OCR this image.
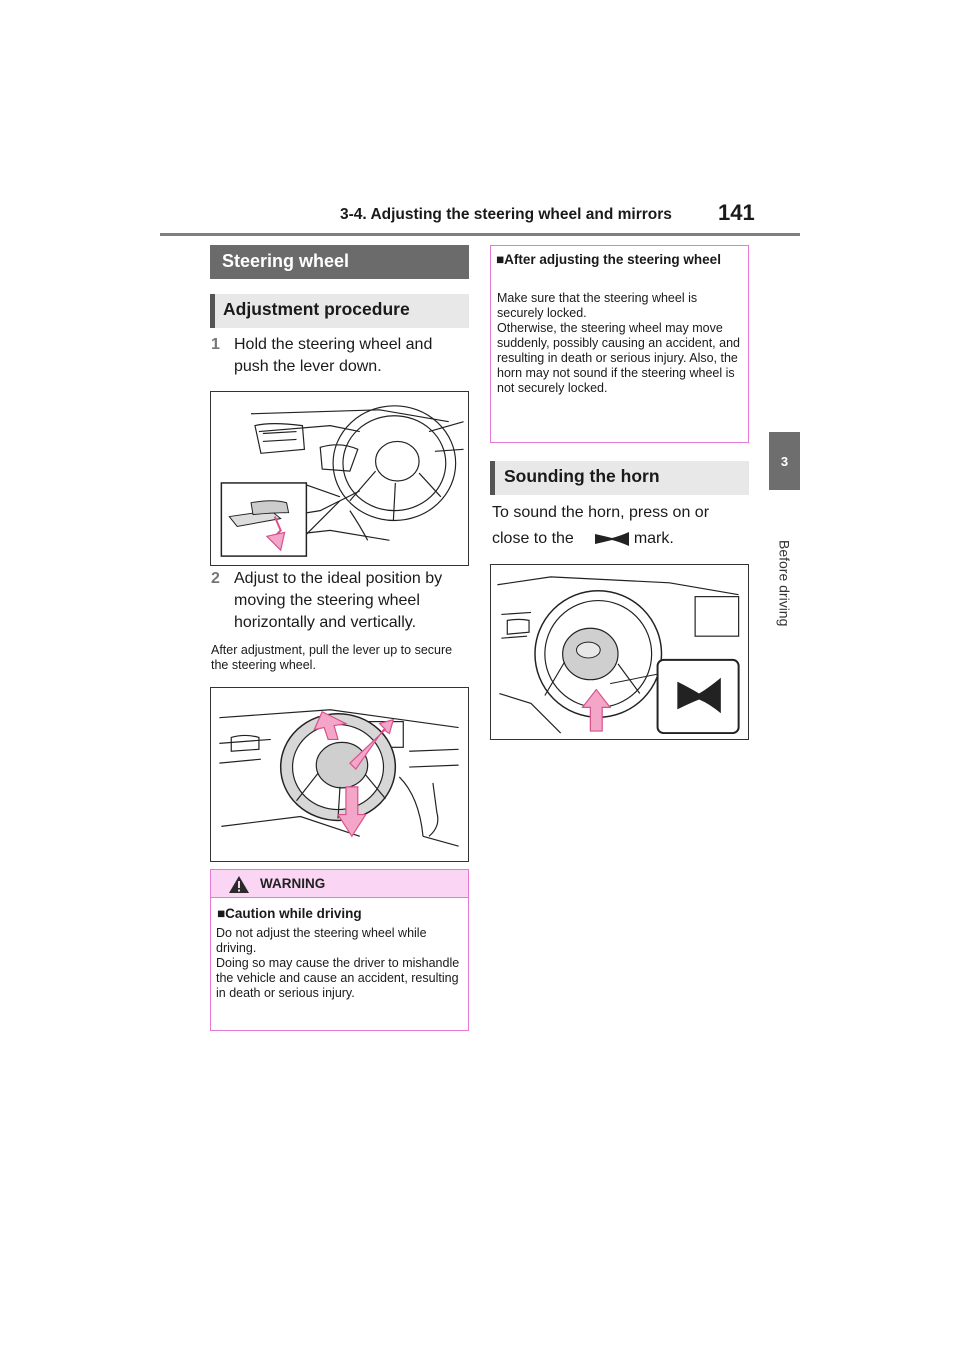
3-4. Adjusting the steering wheel and mirrors 141
3
Before driving
Steering wheel
Adjustment procedure
1 Hold the steering wheel and push the lever down.
2 Adjust to the ideal position by moving the steering wheel horizontally and vertically.
After adjustment, pull the lever up to secure the steering wheel.
WARNING
■Caution while driving
Do not adjust the steering wheel while driving.
Doing so may cause the driver to mishandle the vehicle and cause an accident, resulting in death or serious injury.
■After adjusting the steering wheel
Make sure that the steering wheel is securely locked.
Otherwise, the steering wheel may move suddenly, possibly causing an accident, and resulting in death or serious injury. Also, the horn may not sound if the steering wheel is not securely locked.
Sounding the horn
To sound the horn, press on or
close to the	mark.
